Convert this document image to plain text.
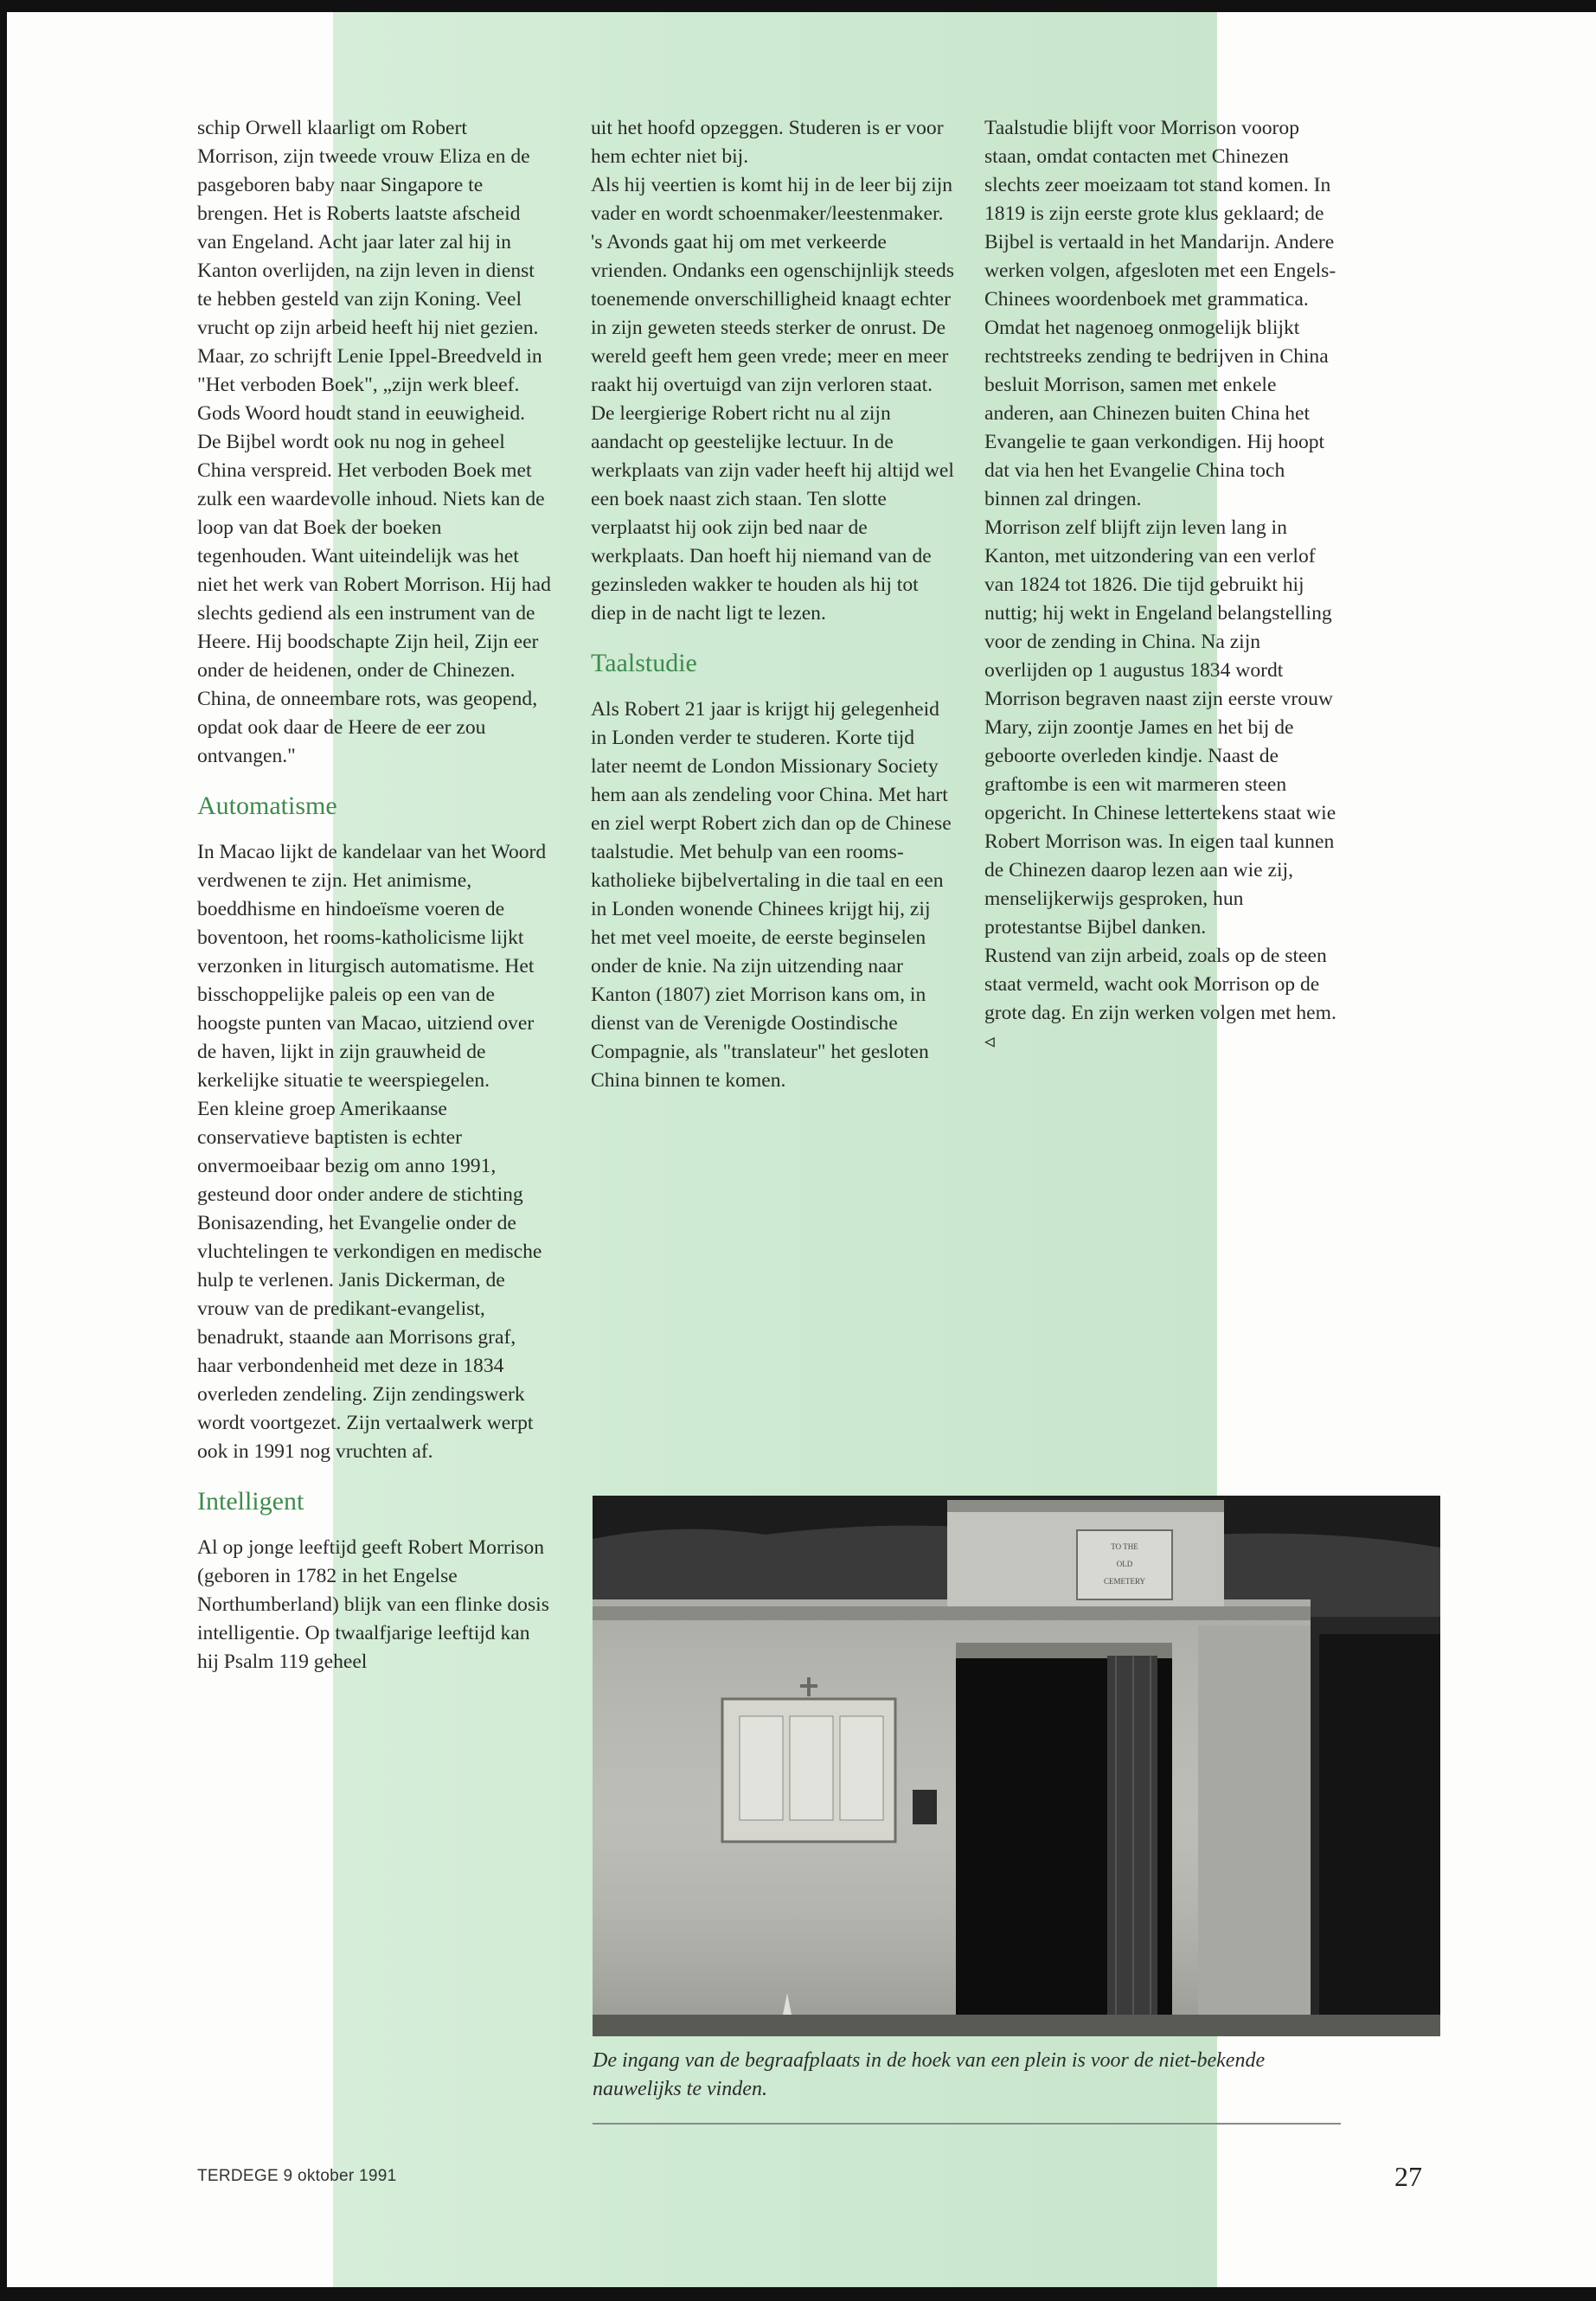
schip Orwell klaarligt om Robert Morrison, zijn tweede vrouw Eliza en de pasgeboren baby naar Singapore te brengen. Het is Roberts laatste afscheid van Engeland. Acht jaar later zal hij in Kanton overlijden, na zijn leven in dienst te hebben gesteld van zijn Koning. Veel vrucht op zijn arbeid heeft hij niet gezien. Maar, zo schrijft Lenie Ippel-Breedveld in "Het verboden Boek", „zijn werk bleef. Gods Woord houdt stand in eeuwigheid. De Bijbel wordt ook nu nog in geheel China verspreid. Het verboden Boek met zulk een waardevolle inhoud. Niets kan de loop van dat Boek der boeken tegenhouden. Want uiteindelijk was het niet het werk van Robert Morrison. Hij had slechts gediend als een instrument van de Heere. Hij boodschapte Zijn heil, Zijn eer onder de heidenen, onder de Chinezen. China, de onneembare rots, was geopend, opdat ook daar de Heere de eer zou ontvangen."

Automatisme

In Macao lijkt de kandelaar van het Woord verdwenen te zijn. Het animisme, boeddhisme en hindoeïsme voeren de boventoon, het rooms-katholicisme lijkt verzonken in liturgisch automatisme. Het bisschoppelijke paleis op een van de hoogste punten van Macao, uitziend over de haven, lijkt in zijn grauwheid de kerkelijke situatie te weerspiegelen.

Een kleine groep Amerikaanse conservatieve baptisten is echter onvermoeibaar bezig om anno 1991, gesteund door onder andere de stichting Bonisazending, het Evangelie onder de vluchtelingen te verkondigen en medische hulp te verlenen. Janis Dickerman, de vrouw van de predikant-evangelist, benadrukt, staande aan Morrisons graf, haar verbondenheid met deze in 1834 overleden zendeling. Zijn zendingswerk wordt voortgezet. Zijn vertaalwerk werpt ook in 1991 nog vruchten af.

Intelligent

Al op jonge leeftijd geeft Robert Morrison (geboren in 1782 in het Engelse Northumberland) blijk van een flinke dosis intelligentie. Op twaalfjarige leeftijd kan hij Psalm 119 geheel

uit het hoofd opzeggen. Studeren is er voor hem echter niet bij.

Als hij veertien is komt hij in de leer bij zijn vader en wordt schoenmaker/leestenmaker. 's Avonds gaat hij om met verkeerde vrienden. Ondanks een ogenschijnlijk steeds toenemende onverschilligheid knaagt echter in zijn geweten steeds sterker de onrust. De wereld geeft hem geen vrede; meer en meer raakt hij overtuigd van zijn verloren staat.

De leergierige Robert richt nu al zijn aandacht op geestelijke lectuur. In de werkplaats van zijn vader heeft hij altijd wel een boek naast zich staan. Ten slotte verplaatst hij ook zijn bed naar de werkplaats. Dan hoeft hij niemand van de gezinsleden wakker te houden als hij tot diep in de nacht ligt te lezen.

Taalstudie

Als Robert 21 jaar is krijgt hij gelegenheid in Londen verder te studeren. Korte tijd later neemt de London Missionary Society hem aan als zendeling voor China. Met hart en ziel werpt Robert zich dan op de Chinese taalstudie. Met behulp van een rooms-katholieke bijbelvertaling in die taal en een in Londen wonende Chinees krijgt hij, zij het met veel moeite, de eerste beginselen onder de knie. Na zijn uitzending naar Kanton (1807) ziet Morrison kans om, in dienst van de Verenigde Oostindische Compagnie, als "translateur" het gesloten China binnen te komen.

Taalstudie blijft voor Morrison voorop staan, omdat contacten met Chinezen slechts zeer moeizaam tot stand komen. In 1819 is zijn eerste grote klus geklaard; de Bijbel is vertaald in het Mandarijn. Andere werken volgen, afgesloten met een Engels-Chinees woordenboek met grammatica.

Omdat het nagenoeg onmogelijk blijkt rechtstreeks zending te bedrijven in China besluit Morrison, samen met enkele anderen, aan Chinezen buiten China het Evangelie te gaan verkondigen. Hij hoopt dat via hen het Evangelie China toch binnen zal dringen.

Morrison zelf blijft zijn leven lang in Kanton, met uitzondering van een verlof van 1824 tot 1826. Die tijd gebruikt hij nuttig; hij wekt in Engeland belangstelling voor de zending in China. Na zijn overlijden op 1 augustus 1834 wordt Morrison begraven naast zijn eerste vrouw Mary, zijn zoontje James en het bij de geboorte overleden kindje. Naast de graftombe is een wit marmeren steen opgericht. In Chinese lettertekens staat wie Robert Morrison was. In eigen taal kunnen de Chinezen daarop lezen aan wie zij, menselijkerwijs gesproken, hun protestantse Bijbel danken.

Rustend van zijn arbeid, zoals op de steen staat vermeld, wacht ook Morrison op de grote dag. En zijn werken volgen met hem. ◃

TO THE
OLD
CEMETERY
De ingang van de begraafplaats in de hoek van een plein is voor de niet-bekende nauwelijks te vinden.
TERDEGE 9 oktober 1991	27
